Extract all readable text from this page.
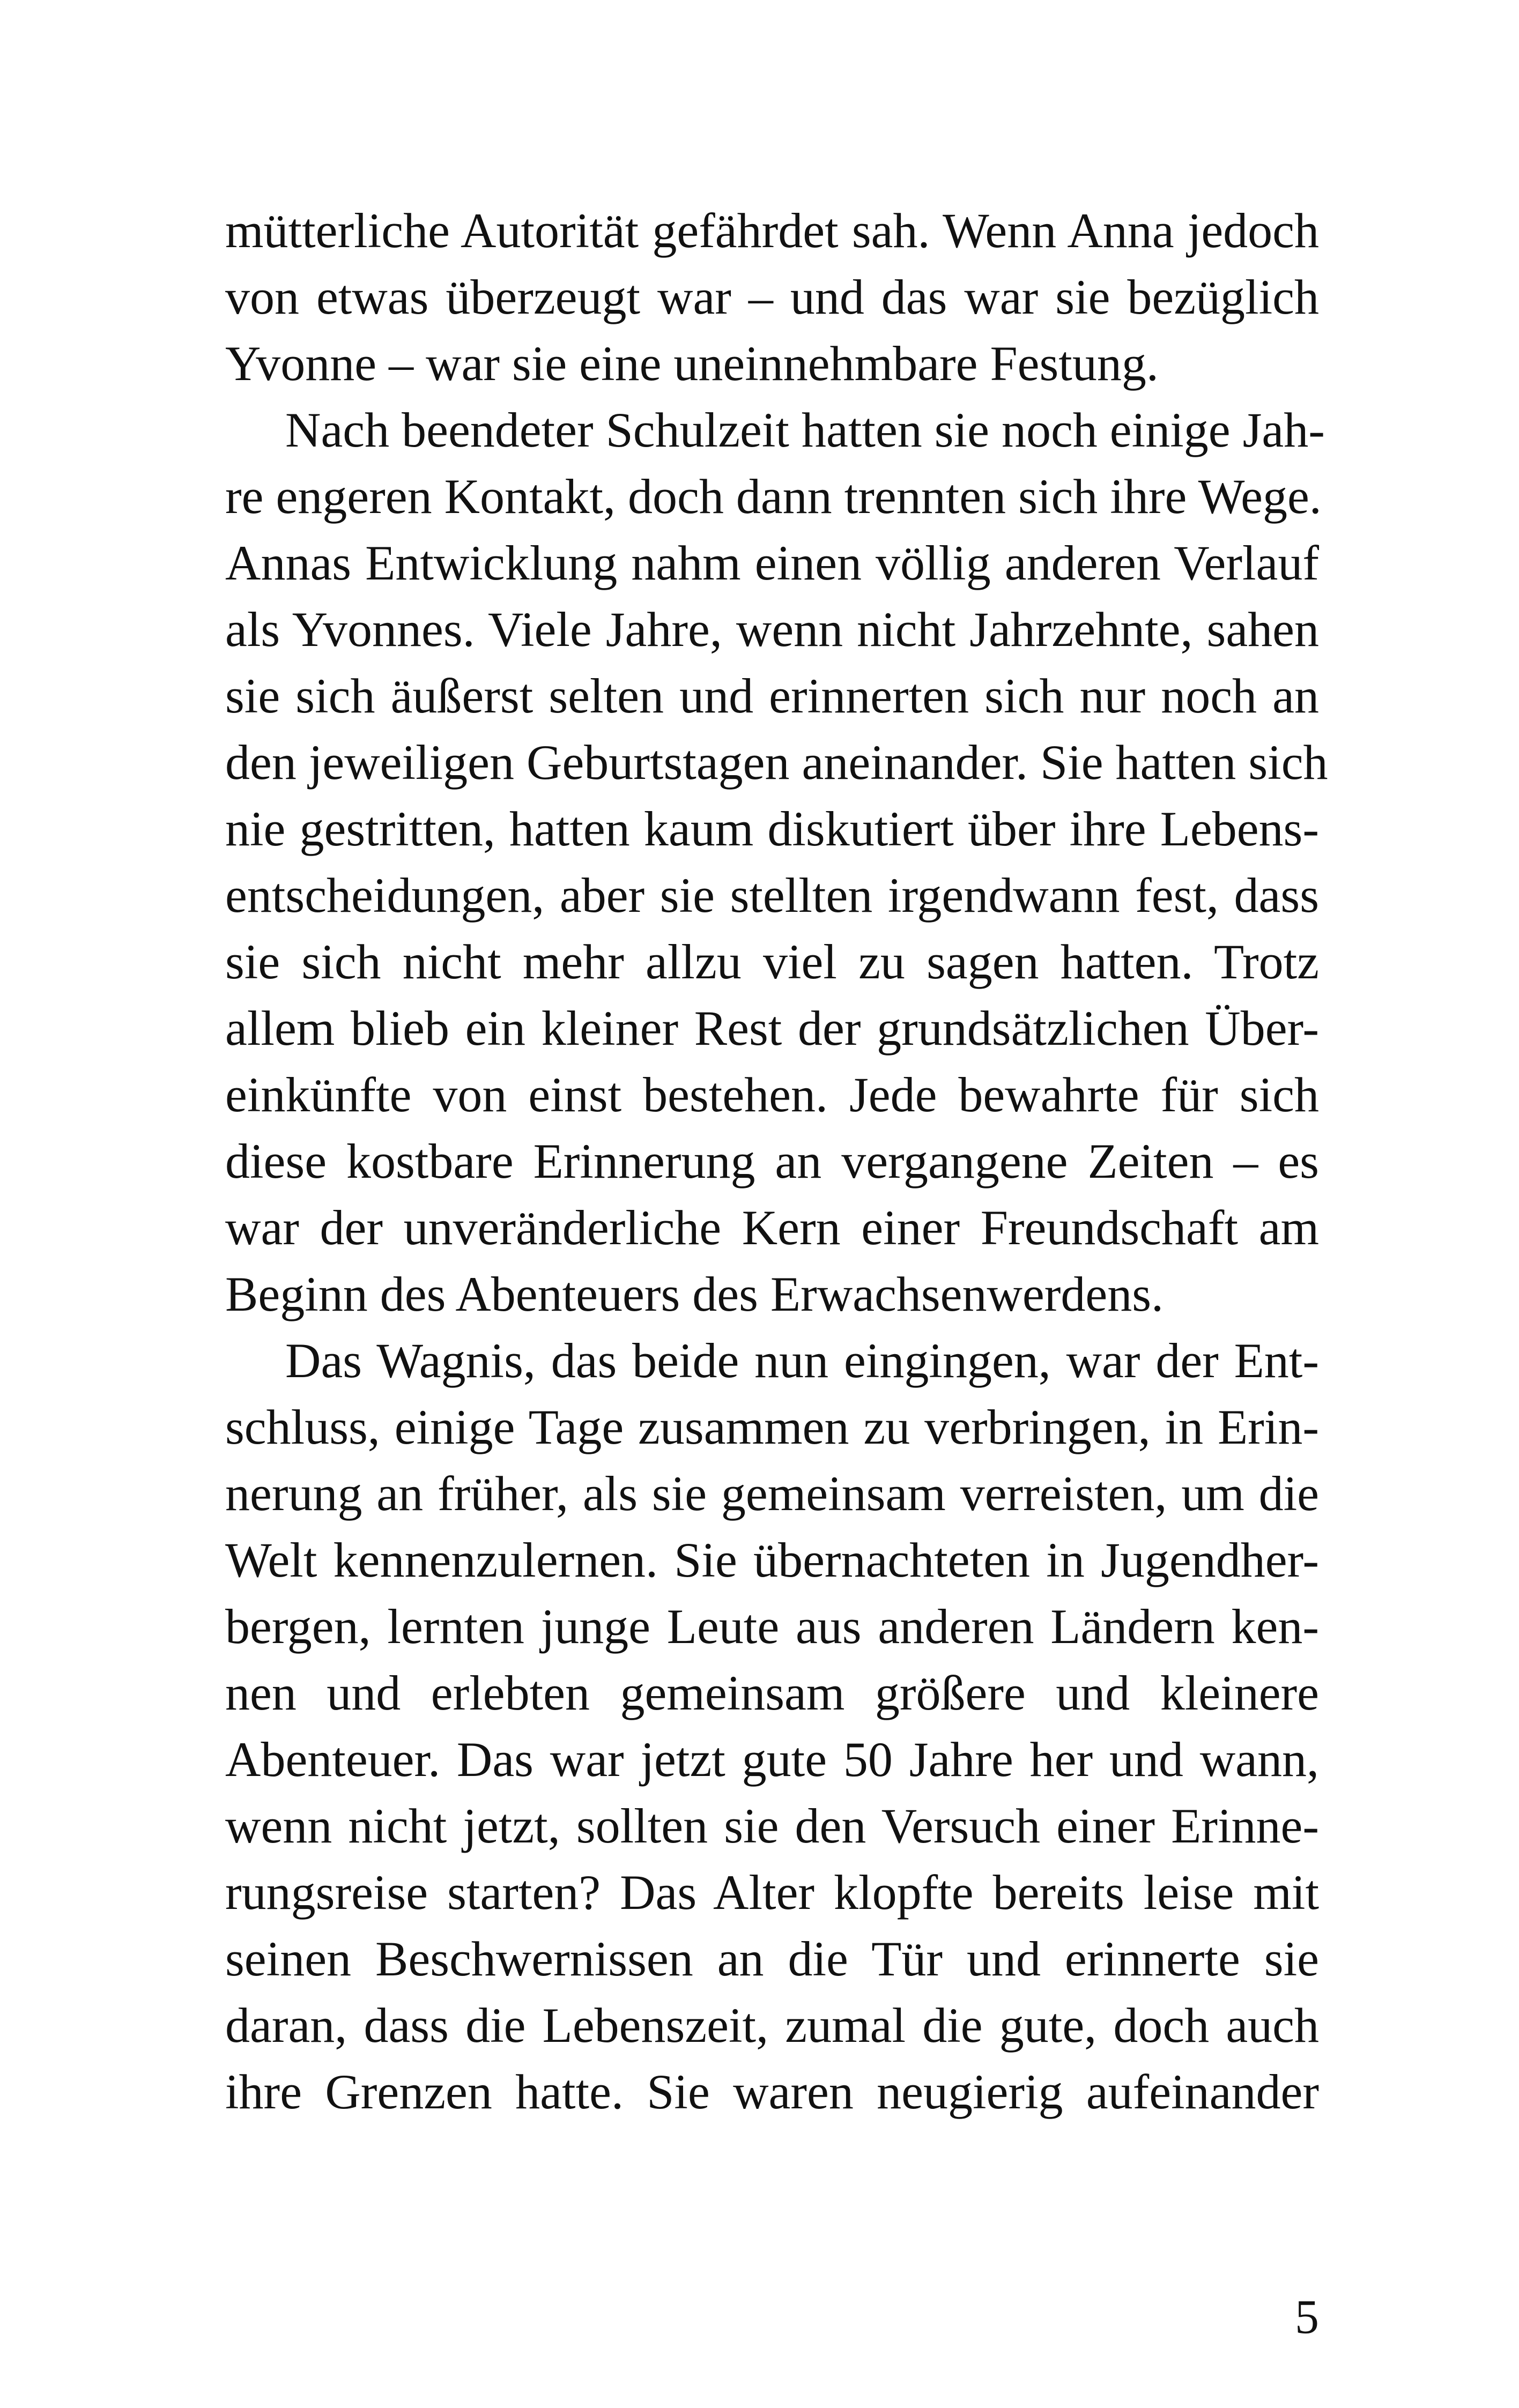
mütterliche Autorität gefährdet sah. Wenn Anna jedoch
von etwas überzeugt war – und das war sie bezüglich
Yvonne – war sie eine uneinnehmbare Festung.
Nach beendeter Schulzeit hatten sie noch einige Jah-
re engeren Kontakt, doch dann trennten sich ihre Wege.
Annas Entwicklung nahm einen völlig anderen Verlauf
als Yvonnes. Viele Jahre, wenn nicht Jahrzehnte, sahen
sie sich äußerst selten und erinnerten sich nur noch an
den jeweiligen Geburtstagen aneinander. Sie hatten sich
nie gestritten, hatten kaum diskutiert über ihre Lebens-
entscheidungen, aber sie stellten irgendwann fest, dass
sie sich nicht mehr allzu viel zu sagen hatten. Trotz
allem blieb ein kleiner Rest der grundsätzlichen Über-
einkünfte von einst bestehen. Jede bewahrte für sich
diese kostbare Erinnerung an vergangene Zeiten – es
war der unveränderliche Kern einer Freundschaft am
Beginn des Abenteuers des Erwachsenwerdens.
Das Wagnis, das beide nun eingingen, war der Ent-
schluss, einige Tage zusammen zu verbringen, in Erin-
nerung an früher, als sie gemeinsam verreisten, um die
Welt kennenzulernen. Sie übernachteten in Jugendher-
bergen, lernten junge Leute aus anderen Ländern ken-
nen und erlebten gemeinsam größere und kleinere
Abenteuer. Das war jetzt gute 50 Jahre her und wann,
wenn nicht jetzt, sollten sie den Versuch einer Erinne-
rungsreise starten? Das Alter klopfte bereits leise mit
seinen Beschwernissen an die Tür und erinnerte sie
daran, dass die Lebenszeit, zumal die gute, doch auch
ihre Grenzen hatte. Sie waren neugierig aufeinander
5
